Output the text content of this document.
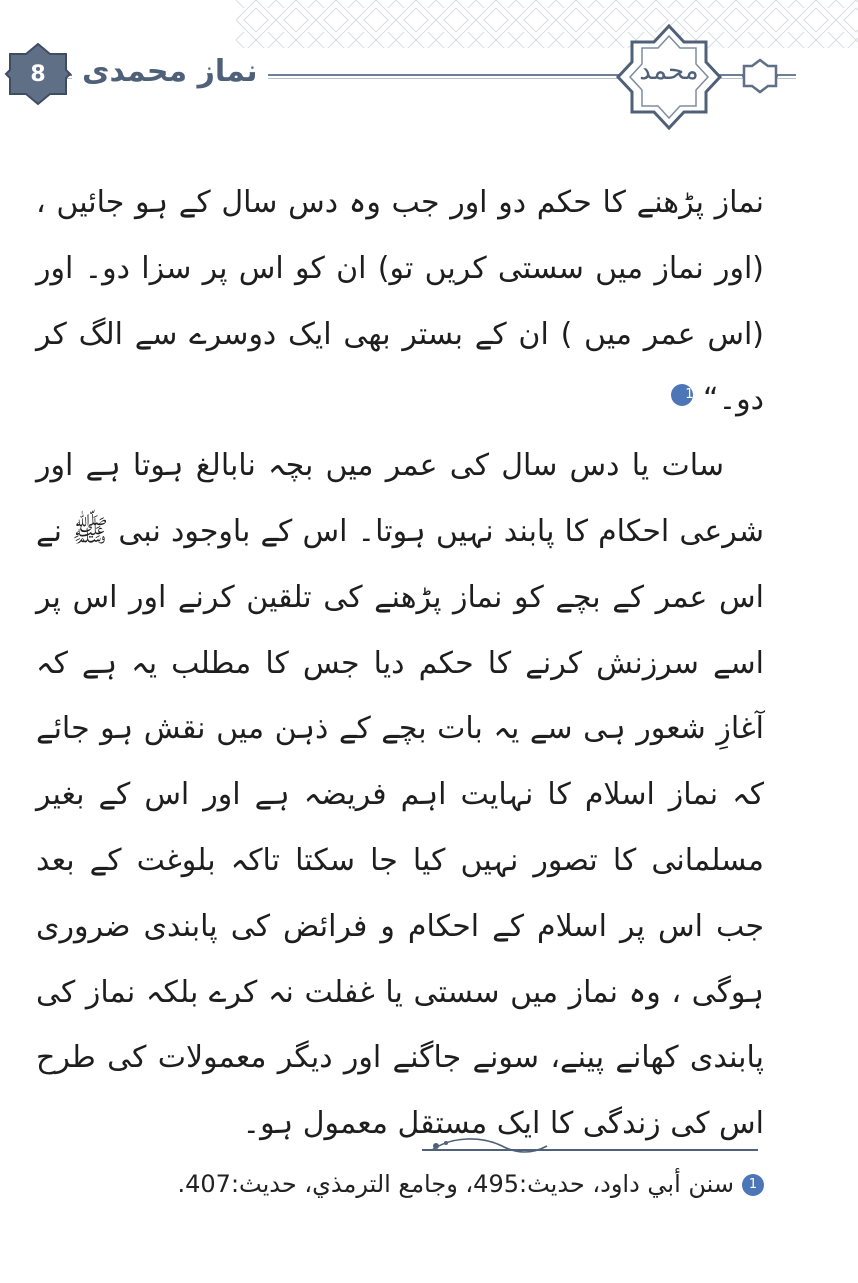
8	نماز محمدی	محمد

نماز پڑھنے کا حکم دو اور جب وہ دس سال کے ہو جائیں ، (اور نماز میں سستی کریں تو) ان کو اس پر سزا دو۔ اور (اس عمر میں ) ان کے بستر بھی ایک دوسرے سے الگ کر دو۔“ 1

سات یا دس سال کی عمر میں بچہ نابالغ ہوتا ہے اور شرعی احکام کا پابند نہیں ہوتا۔ اس کے باوجود نبی ﷺ نے اس عمر کے بچے کو نماز پڑھنے کی تلقین کرنے اور اس پر اسے سرزنش کرنے کا حکم دیا جس کا مطلب یہ ہے کہ آغازِ شعور ہی سے یہ بات بچے کے ذہن میں نقش ہو جائے کہ نماز اسلام کا نہایت اہم فریضہ ہے اور اس کے بغیر مسلمانی کا تصور نہیں کیا جا سکتا تاکہ بلوغت کے بعد جب اس پر اسلام کے احکام و فرائض کی پابندی ضروری ہوگی ، وہ نماز میں سستی یا غفلت نہ کرے بلکہ نماز کی پابندی کھانے پینے، سونے جاگنے اور دیگر معمولات کی طرح اس کی زندگی کا ایک مستقل معمول ہو۔

1سنن أبي داود، حديث:495، وجامع الترمذي، حديث:407.
